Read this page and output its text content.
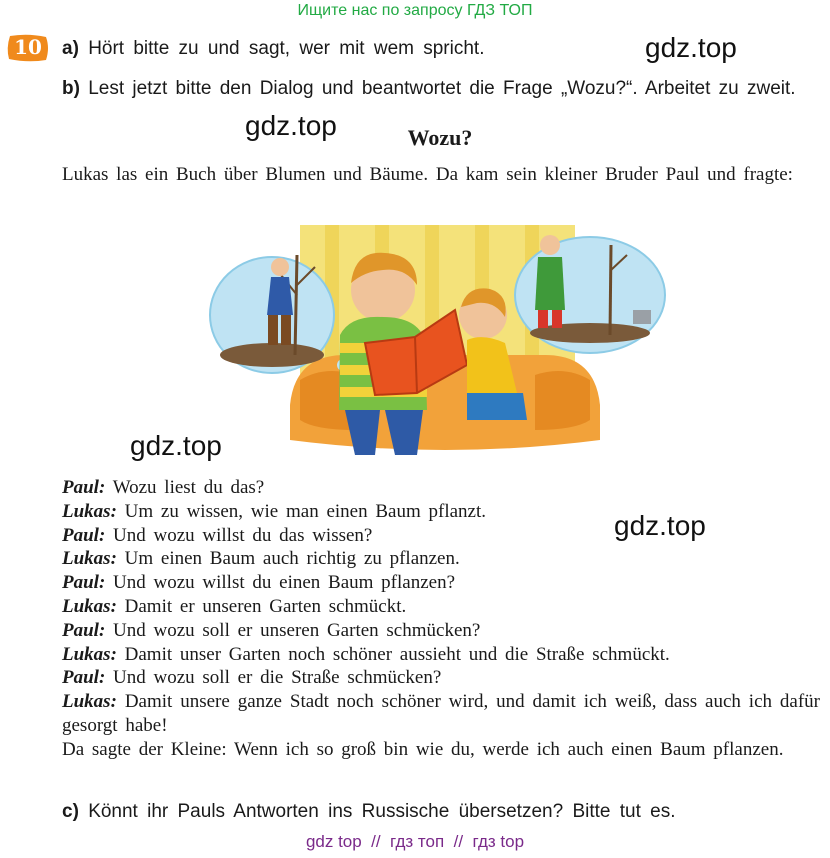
Ищите нас по запросу ГДЗ ТОП
10	a) Hört bitte zu und sagt, wer mit wem spricht.
b) Lest jetzt bitte den Dialog und beantwortet die Frage „Wozu?“. Arbeitet zu zweit.
gdz.top
gdz.top	Wozu?
Lukas las ein Buch über Blumen und Bäume. Da kam sein kleiner Bruder Paul und fragte:
gdz.top
gdz.top
Paul: Wozu liest du das?
Lukas: Um zu wissen, wie man einen Baum pflanzt.
Paul: Und wozu willst du das wissen?
Lukas: Um einen Baum auch richtig zu pflanzen.
Paul: Und wozu willst du einen Baum pflanzen?
Lukas: Damit er unseren Garten schmückt.
Paul: Und wozu soll er unseren Garten schmücken?
Lukas: Damit unser Garten noch schöner aussieht und die Straße schmückt.
Paul: Und wozu soll er die Straße schmücken?
Lukas: Damit unsere ganze Stadt noch schöner wird, und damit ich weiß, dass auch ich dafür gesorgt habe!
Da sagte der Kleine: Wenn ich so groß bin wie du, werde ich auch einen Baum pflanzen.
c) Könnt ihr Pauls Antworten ins Russische übersetzen? Bitte tut es.
gdz top  //  гдз топ  //  гдз top
